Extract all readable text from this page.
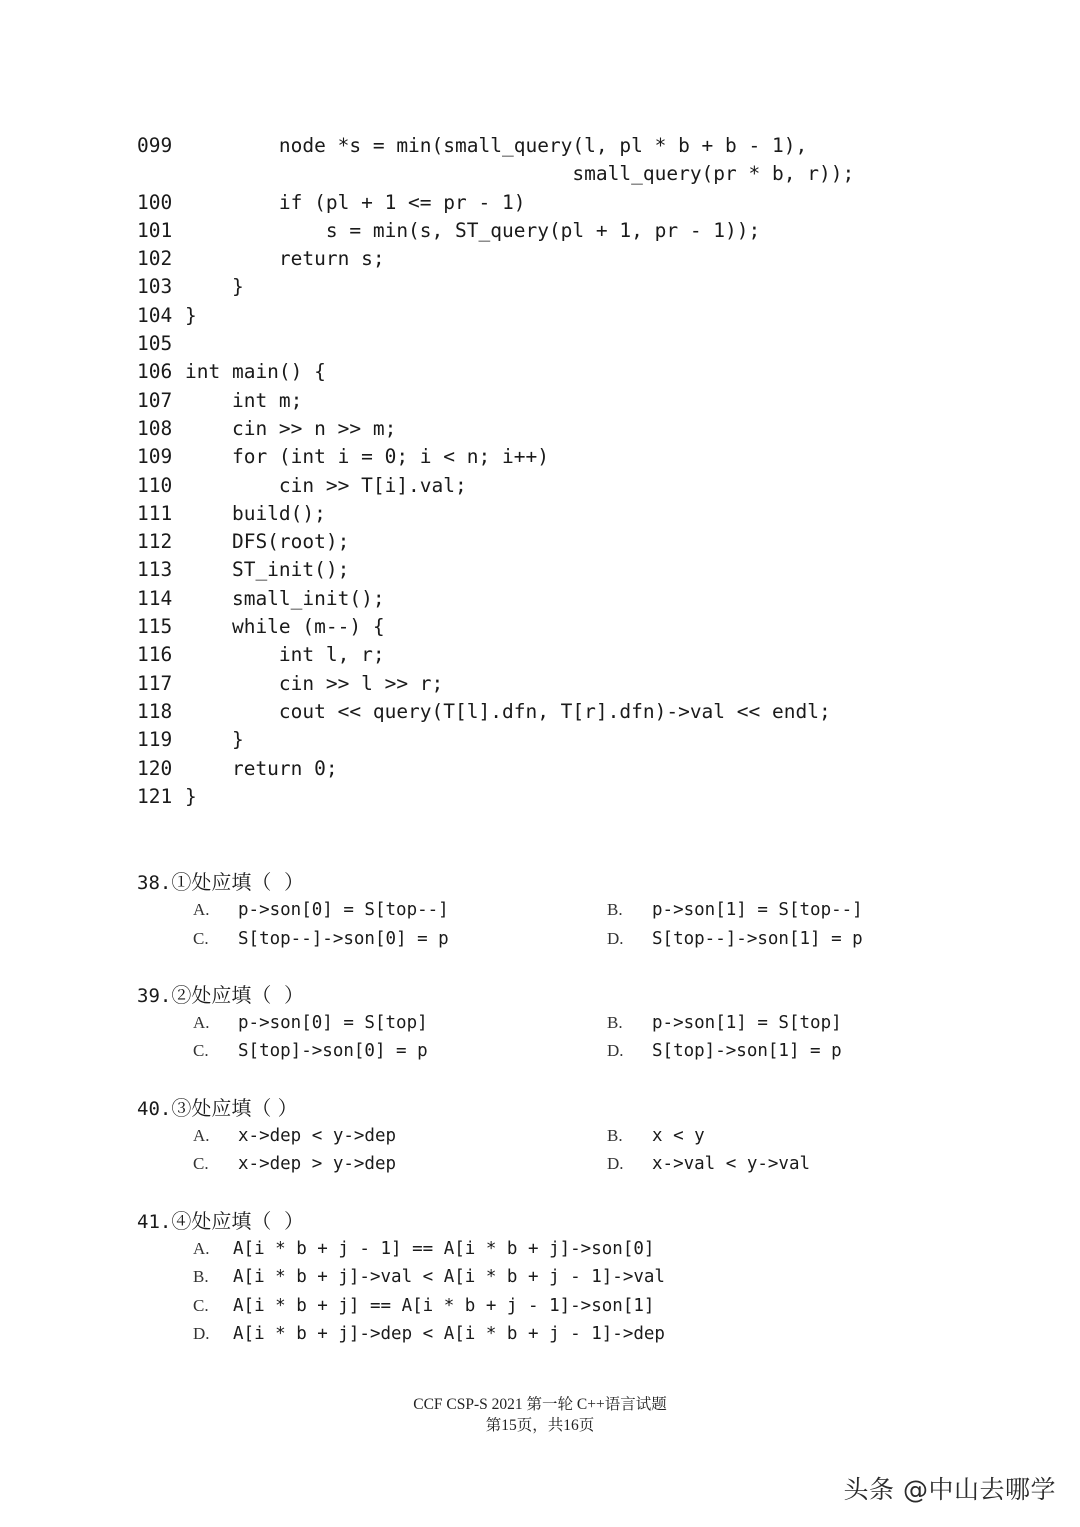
099        node *s = min(small_query(l, pl * b + b - 1),
small_query(pr * b, r));
100        if (pl + 1 <= pr - 1)
101            s = min(s, ST_query(pl + 1, pr - 1));
102        return s;
103    }
104 }
105
106 int main() {
107    int m;
108    cin >> n >> m;
109    for (int i = 0; i < n; i++)
110        cin >> T[i].val;
111    build();
112    DFS(root);
113    ST_init();
114    small_init();
115    while (m--) {
116        int l, r;
117        cin >> l >> r;
118        cout << query(T[l].dfn, T[r].dfn)->val << endl;
119    }
120    return 0;
121 }
38.①处应填（  ）
A. p->son[0] = S[top--]	B. p->son[1] = S[top--]
C. S[top--]->son[0] = p	D. S[top--]->son[1] = p
39.②处应填（  ）
A. p->son[0] = S[top]	B. p->son[1] = S[top]
C. S[top]->son[0] = p	D. S[top]->son[1] = p
40.③处应填（ ）
A. x->dep < y->dep	B. x < y
C. x->dep > y->dep	D. x->val < y->val
41.④处应填（  ）
A. A[i * b + j - 1] == A[i * b + j]->son[0]
B. A[i * b + j]->val < A[i * b + j - 1]->val
C. A[i * b + j] == A[i * b + j - 1]->son[1]
D. A[i * b + j]->dep < A[i * b + j - 1]->dep
CCF CSP-S 2021 第一轮 C++语言试题
第15页，共16页
头条 @中山去哪学
